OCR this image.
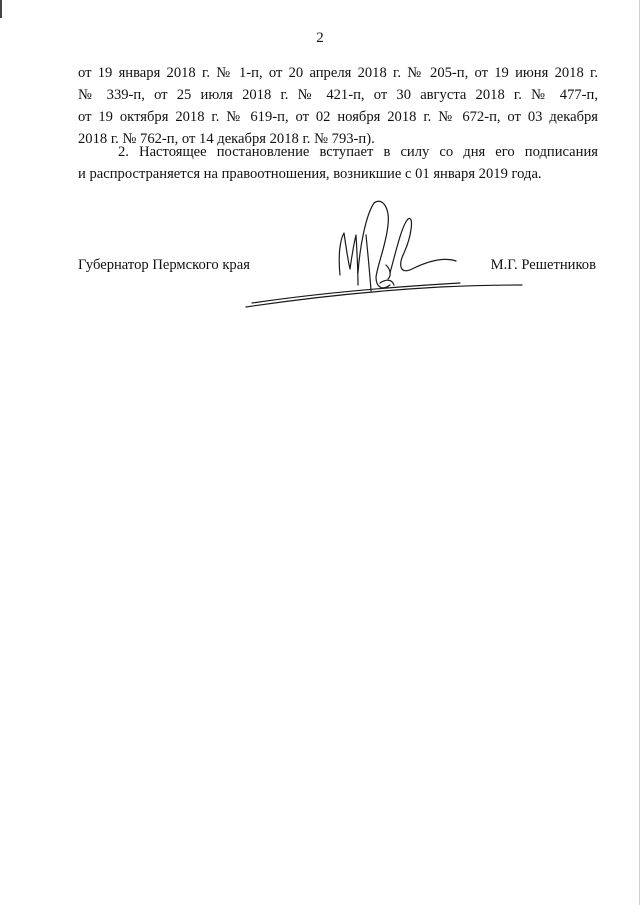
2
от 19 января 2018 г. № 1-п, от 20 апреля 2018 г. № 205-п, от 19 июня 2018 г.
№ 339-п, от 25 июля 2018 г. № 421-п, от 30 августа 2018 г. № 477-п,
от 19 октября 2018 г. № 619-п, от 02 ноября 2018 г. № 672-п, от 03 декабря
2018 г. № 762-п, от 14 декабря 2018 г. № 793-п).
2. Настоящее постановление вступает в силу со дня его подписания
и распространяется на правоотношения, возникшие с 01 января 2019 года.
Губернатор Пермского края	М.Г. Решетников
